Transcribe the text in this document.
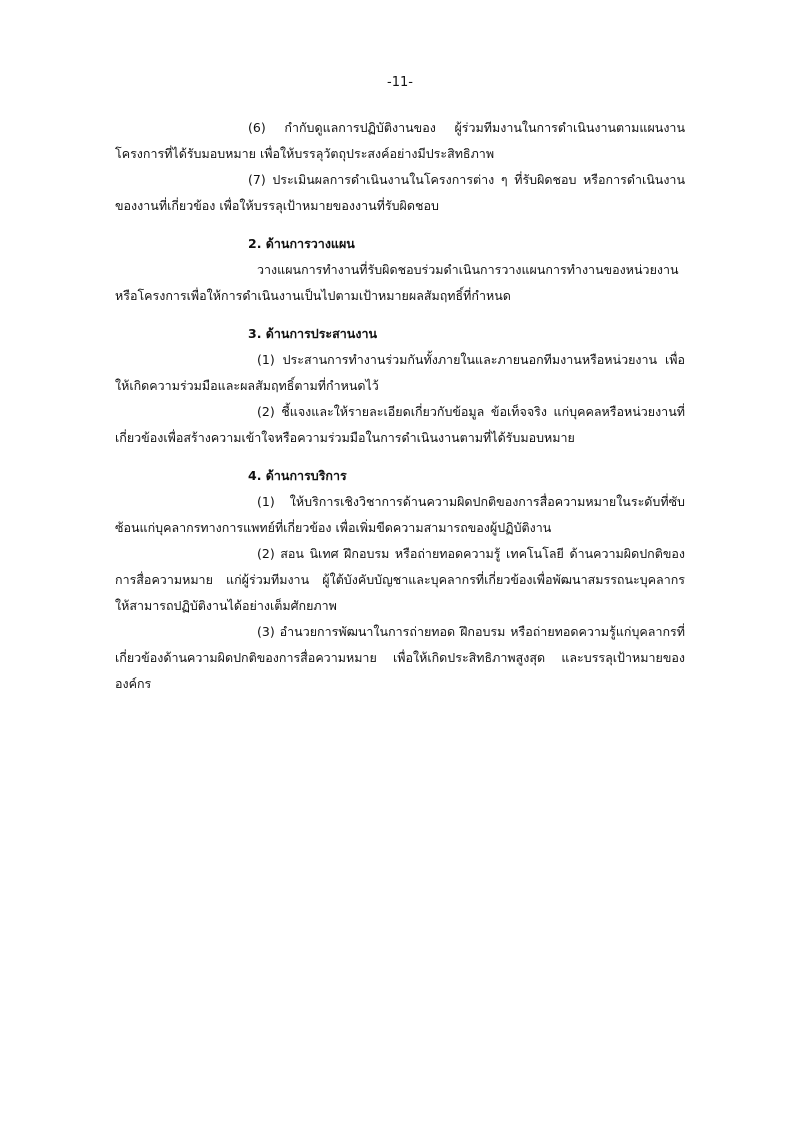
-11-

(6)    กำกับดูแลการปฏิบัติงานของ    ผู้ร่วมทีมงานในการดำเนินงานตามแผนงานโครงการที่ได้รับมอบหมาย เพื่อให้บรรลุวัตถุประสงค์อย่างมีประสิทธิภาพ

(7) ประเมินผลการดำเนินงานในโครงการต่าง ๆ ที่รับผิดชอบ หรือการดำเนินงานของงานที่เกี่ยวข้อง เพื่อให้บรรลุเป้าหมายของงานที่รับผิดชอบ

2. ด้านการวางแผน

วางแผนการทำงานที่รับผิดชอบร่วมดำเนินการวางแผนการทำงานของหน่วยงานหรือโครงการเพื่อให้การดำเนินงานเป็นไปตามเป้าหมายผลสัมฤทธิ์ที่กำหนด

3. ด้านการประสานงาน

(1) ประสานการทำงานร่วมกันทั้งภายในและภายนอกทีมงานหรือหน่วยงาน เพื่อให้เกิดความร่วมมือและผลสัมฤทธิ์ตามที่กำหนดไว้

(2) ชี้แจงและให้รายละเอียดเกี่ยวกับข้อมูล ข้อเท็จจริง แก่บุคคลหรือหน่วยงานที่เกี่ยวข้องเพื่อสร้างความเข้าใจหรือความร่วมมือในการดำเนินงานตามที่ได้รับมอบหมาย

4. ด้านการบริการ

(1) ให้บริการเชิงวิชาการด้านความผิดปกติของการสื่อความหมายในระดับที่ซับซ้อนแก่บุคลากรทางการแพทย์ที่เกี่ยวข้อง เพื่อเพิ่มขีดความสามารถของผู้ปฏิบัติงาน

(2) สอน นิเทศ ฝึกอบรม หรือถ่ายทอดความรู้ เทคโนโลยี ด้านความผิดปกติของการสื่อความหมาย   แก่ผู้ร่วมทีมงาน   ผู้ใต้บังคับบัญชาและบุคลากรที่เกี่ยวข้องเพื่อพัฒนาสมรรถนะบุคลากรให้สามารถปฏิบัติงานได้อย่างเต็มศักยภาพ

(3) อำนวยการพัฒนาในการถ่ายทอด ฝึกอบรม หรือถ่ายทอดความรู้แก่บุคลากรที่เกี่ยวข้องด้านความผิดปกติของการสื่อความหมาย   เพื่อให้เกิดประสิทธิภาพสูงสุด   และบรรลุเป้าหมายขององค์กร
